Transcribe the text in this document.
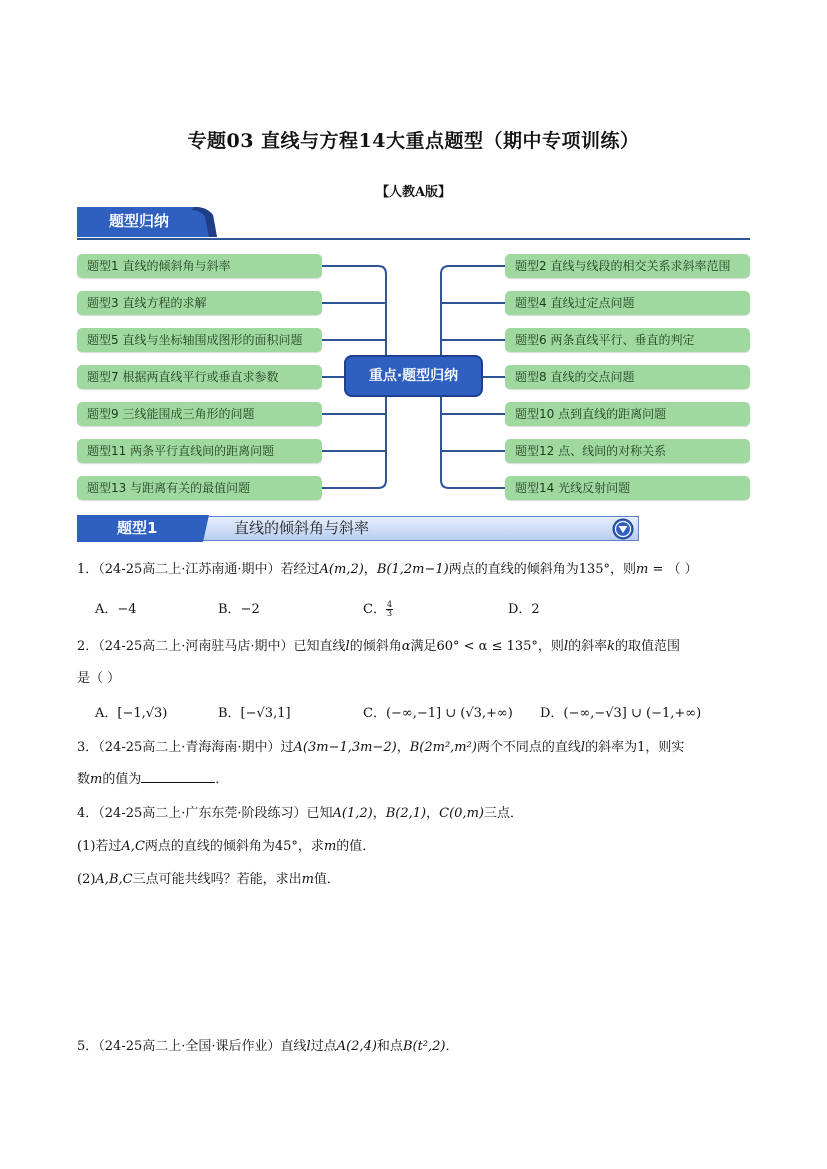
专题03 直线与方程14大重点题型（期中专项训练）
【人教A版】
题型归纳
题型1 直线的倾斜角与斜率
题型3 直线方程的求解
题型5 直线与坐标轴围成图形的面积问题
题型7 根据两直线平行或垂直求参数
题型9 三线能围成三角形的问题
题型11 两条平行直线间的距离问题
题型13 与距离有关的最值问题
题型2 直线与线段的相交关系求斜率范围
题型4 直线过定点问题
题型6 两条直线平行、垂直的判定
题型8 直线的交点问题
题型10 点到直线的距离问题
题型12 点、线间的对称关系
题型14 光线反射问题
重点·题型归纳
直线的倾斜角与斜率
题型1
1．（24-25高二上·江苏南通·期中）若经过A(m,2)，B(1,2m−1)两点的直线的倾斜角为135°，则m = （ ）
A．−4	B．−2	C． $\frac{4}{3}$	D．2
2．（24-25高二上·河南驻马店·期中）已知直线l的倾斜角α满足60° < α ≤ 135°，则l的斜率k的取值范围
是（ ）
A．[−1,√3)	B．[−√3,1]	C．(−∞,−1] ∪ (√3,+∞) D．(−∞,−√3] ∪ (−1,+∞)
3．（24-25高二上·青海海南·期中）过A(3m−1,3m−2)，B(2m²,m²)两个不同点的直线l的斜率为1，则实
数m的值为	．
4．（24-25高二上·广东东莞·阶段练习）已知A(1,2)，B(2,1)，C(0,m)三点．
(1)若过A,C两点的直线的倾斜角为45°，求m的值．
(2)A,B,C三点可能共线吗？若能，求出m值．
5．（24-25高二上·全国·课后作业）直线l过点A(2,4)和点B(t²,2)．
